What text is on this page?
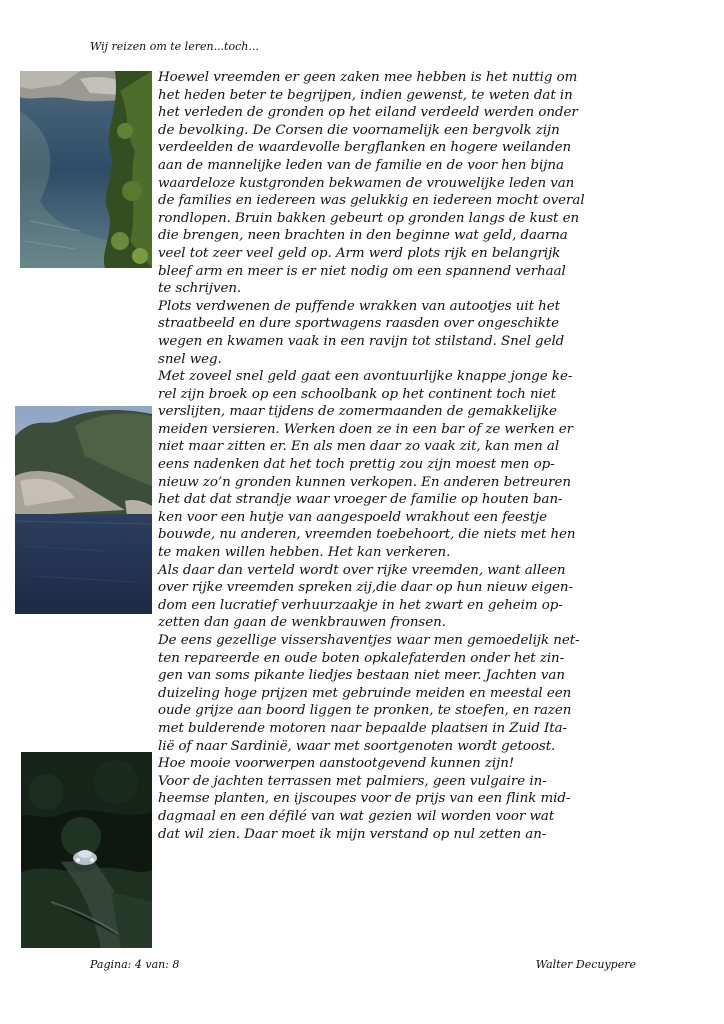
Wij reizen om te leren...toch...
Hoewel vreemden er geen zaken mee hebben is het nuttig om
het heden beter te begrijpen, indien gewenst, te weten dat in
het verleden de gronden op het eiland verdeeld werden onder
de bevolking. De Corsen die voornamelijk een bergvolk zijn
verdeelden de waardevolle bergflanken en hogere weilanden
aan de mannelijke leden van de familie en de voor hen bijna
waardeloze kustgronden bekwamen de vrouwelijke leden van
de families en iedereen was gelukkig en iedereen mocht overal
rondlopen. Bruin bakken gebeurt op gronden langs de kust en
die brengen, neen brachten in den beginne wat geld, daarna
veel tot zeer veel geld op. Arm werd plots rijk en belangrijk
bleef arm en meer is er niet nodig om een spannend verhaal
te schrijven.
Plots verdwenen de puffende wrakken van autootjes uit het
straatbeeld en dure sportwagens raasden over ongeschikte
wegen en kwamen vaak in een ravijn tot stilstand. Snel geld
snel weg.
Met zoveel snel geld gaat een avontuurlijke knappe jonge ke-
rel zijn broek op een schoolbank op het continent toch niet
verslijten, maar tijdens de zomermaanden de gemakkelijke
meiden versieren. Werken doen ze in een bar of ze werken er
niet maar zitten er. En als men daar zo vaak zit, kan men al
eens nadenken dat het toch prettig zou zijn moest men op-
nieuw zo’n gronden kunnen verkopen. En anderen betreuren
het dat dat strandje waar vroeger de familie op houten ban-
ken voor een hutje van aangespoeld wrakhout een feestje
bouwde, nu anderen, vreemden toebehoort, die niets met hen
te maken willen hebben. Het kan verkeren.
Als daar dan verteld wordt over rijke vreemden, want alleen
over rijke vreemden spreken zij,die daar op hun nieuw eigen-
dom een lucratief verhuurzaakje in het zwart en geheim op-
zetten dan gaan de wenkbrauwen fronsen.
De eens gezellige vissershaventjes waar men gemoedelijk net-
ten repareerde en oude boten opkalefaterden onder het zin-
gen van soms pikante liedjes bestaan niet meer. Jachten van
duizeling hoge prijzen met gebruinde meiden en meestal een
oude grijze aan boord liggen te pronken, te stoefen, en razen
met bulderende motoren naar bepaalde plaatsen in Zuid Ita-
lië of naar Sardinië, waar met soortgenoten wordt getoost.
Hoe mooie voorwerpen aanstootgevend kunnen zijn!
Voor de jachten terrassen met palmiers, geen vulgaire in-
heemse planten, en ijscoupes voor de prijs van een flink mid-
dagmaal en een défilé van wat gezien wil worden voor wat
dat wil zien. Daar moet ik mijn verstand op nul zetten an-
Pagina: 4 van: 8	Walter Decuypere
